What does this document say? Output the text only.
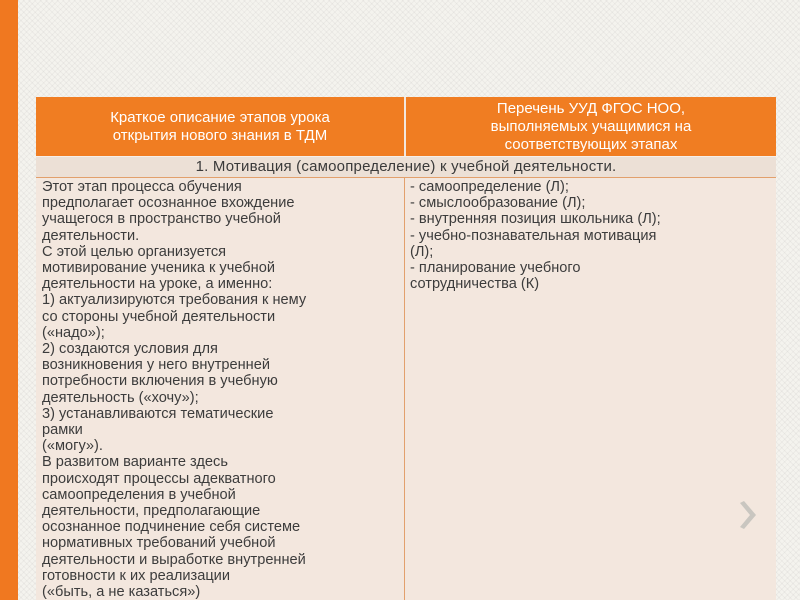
Краткое описание этапов урока
открытия нового знания в ТДМ
Перечень УУД ФГОС НОО,
выполняемых учащимися на
соответствующих этапах
1. Мотивация (самоопределение) к учебной деятельности.
Этот этап процесса обучения
предполагает осознанное вхождение
учащегося в пространство учебной
деятельности.
С этой целью организуется
мотивирование ученика к учебной
деятельности на уроке, а именно:
1) актуализируются требования к нему
со стороны учебной деятельности
(«надо»);
2) создаются условия для
возникновения у него внутренней
потребности включения в учебную
деятельность («хочу»);
3) устанавливаются тематические
рамки
(«могу»).
В развитом варианте здесь
происходят процессы адекватного
самоопределения в учебной
деятельности, предполагающие
осознанное подчинение себя системе
нормативных требований учебной
деятельности и выработке внутренней
готовности к их реализации
(«быть, а не казаться»)
- самоопределение (Л);
- смыслообразование (Л);
- внутренняя позиция школьника (Л);
- учебно-познавательная мотивация
(Л);
- планирование учебного
сотрудничества (К)
